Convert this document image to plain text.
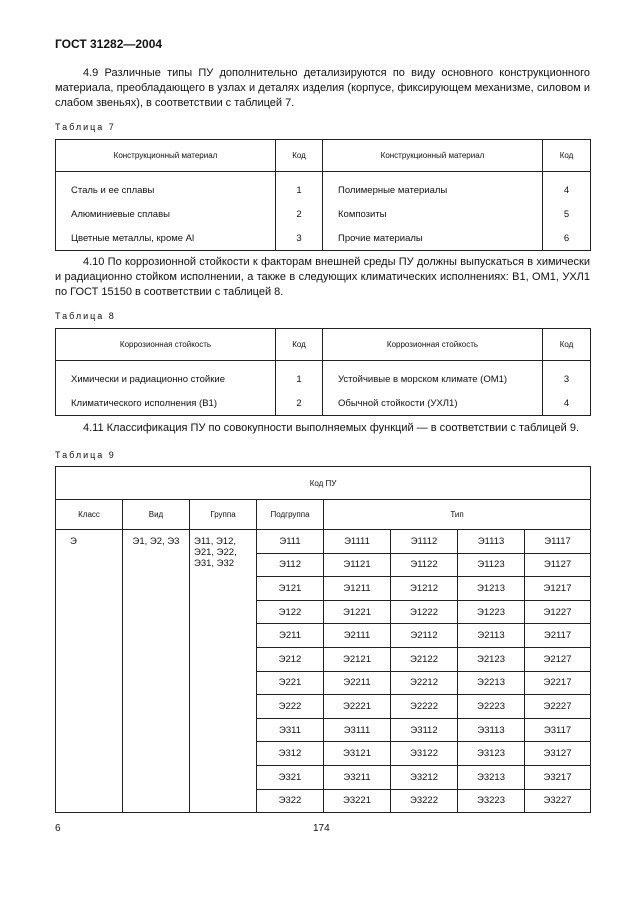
ГОСТ 31282—2004
4.9 Различные типы ПУ дополнительно детализируются по виду основного конструкционного материала, преобладающего в узлах и деталях изделия (корпусе, фиксирующем механизме, силовом и слабом звеньях), в соответствии с таблицей 7.
Таблица 7
Конструкционный материал	Код	Конструкционный материал	Код
Сталь и ее сплавы	1	Полимерные материалы	4
Алюминиевые сплавы	2	Композиты	5
Цветные металлы, кроме Al	3	Прочие материалы	6
4.10 По коррозионной стойкости к факторам внешней среды ПУ должны выпускаться в химически и радиационно стойком исполнении, а также в следующих климатических исполнениях: В1, ОМ1, УХЛ1 по ГОСТ 15150 в соответствии с таблицей 8.
Таблица 8
Коррозионная стойкость	Код	Коррозионная стойкость	Код
Химически и радиационно стойкие	1	Устойчивые в морском климате (ОМ1)	3
Климатического исполнения (В1)	2	Обычной стойкости (УХЛ1)	4
4.11 Классификация ПУ по совокупности выполняемых функций — в соответствии с таблицей 9.
Таблица 9
Код ПУ							
Класс	Вид	Группа	Подгруппа	Тип			
Э	Э1, Э2, Э3	Э11, Э12, Э21, Э22, Э31, Э32	Э111	Э1111	Э1112	Э1113	Э1117
			Э112	Э1121	Э1122	Э1123	Э1127
			Э121	Э1211	Э1212	Э1213	Э1217
			Э122	Э1221	Э1222	Э1223	Э1227
			Э211	Э2111	Э2112	Э2113	Э2117
			Э212	Э2121	Э2122	Э2123	Э2127
			Э221	Э2211	Э2212	Э2213	Э2217
			Э222	Э2221	Э2222	Э2223	Э2227
			Э311	Э3111	Э3112	Э3113	Э3117
			Э312	Э3121	Э3122	Э3123	Э3127
			Э321	Э3211	Э3212	Э3213	Э3217
			Э322	Э3221	Э3222	Э3223	Э3227
6	174
